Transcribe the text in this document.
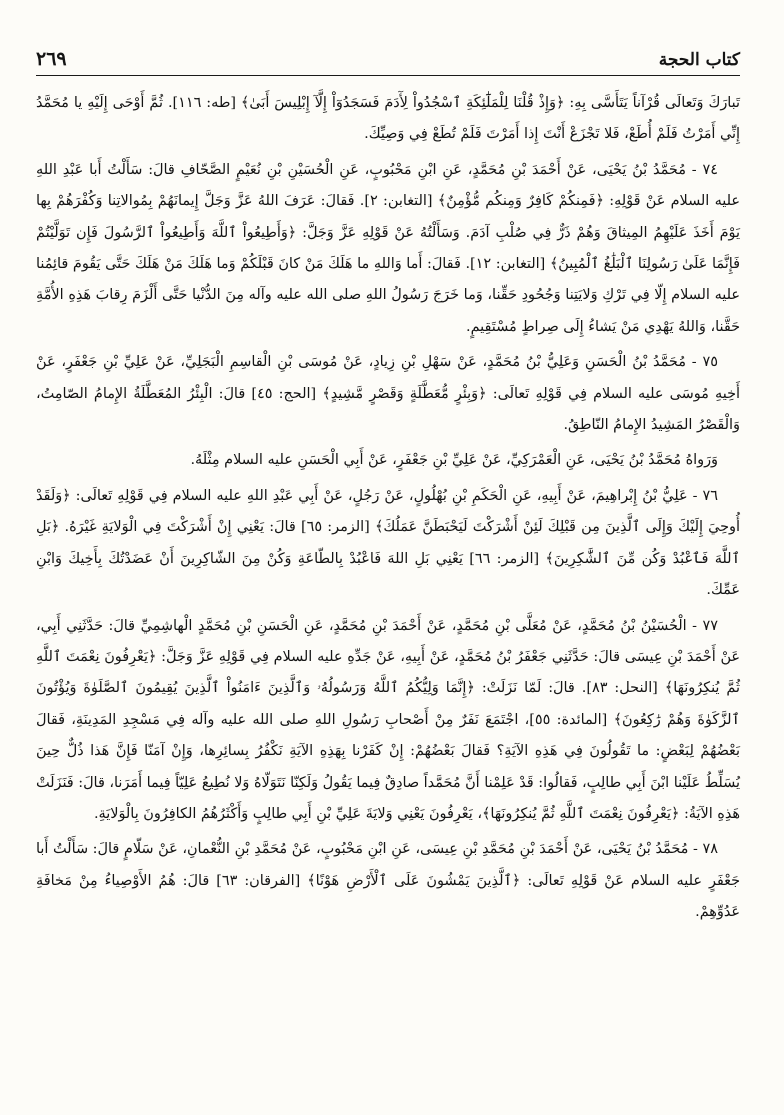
كتاب الحجة
٢٦٩

تَبارَكَ وَتَعالَى قُرْآناً يَتَأَسَّى بِهِ: ﴿وَإِذْ قُلْنَا لِلْمَلَٰٓئِكَةِ ٱسْجُدُواْ لِأٓدَمَ فَسَجَدُوٓاْ إِلَّآ إِبْلِيسَ أَبَىٰ﴾ [طه: ١١٦]. ثُمَّ أَوْحَى إِلَيْهِ يا مُحَمَّدُ إِنِّي أَمَرْتُ فَلَمْ أُطَعْ، فَلا تَجْزَعْ أَنْتَ إِذا أَمَرْتَ فَلَمْ تُطَعْ فِي وَصِيِّكَ.

٧٤ - مُحَمَّدُ بْنُ يَحْيَى، عَنْ أَحْمَدَ بْنِ مُحَمَّدٍ، عَنِ ابْنِ مَحْبُوبٍ، عَنِ الْحُسَيْنِ بْنِ نُعَيْمٍ الصَّحّافِ قالَ: سَأَلْتُ أَبا عَبْدِ اللهِ عليه السلام عَنْ قَوْلِهِ: ﴿فَمِنكُمْ كَافِرٌ وَمِنكُم مُّؤْمِنٌ﴾ [التغابن: ٢]. فَقالَ: عَرَفَ اللهُ عَزَّ وَجَلَّ إِيمانَهُمْ بِمُوالاتِنا وَكُفْرَهُمْ بِها يَوْمَ أَخَذَ عَلَيْهِمُ المِيثاقَ وَهُمْ ذَرٌّ فِي صُلْبِ آدَمَ. وَسَأَلْتُهُ عَنْ قَوْلِهِ عَزَّ وَجَلَّ: ﴿وَأَطِيعُواْ ٱللَّهَ وَأَطِيعُواْ ٱلرَّسُولَ فَإِن تَوَلَّيْتُمْ فَإِنَّمَا عَلَىٰ رَسُولِنَا ٱلْبَلَٰغُ ٱلْمُبِينُ﴾ [التغابن: ١٢]. فَقالَ: أَما وَاللهِ ما هَلَكَ مَنْ كانَ قَبْلَكُمْ وَما هَلَكَ مَنْ هَلَكَ حَتَّى يَقُومَ قائِمُنا عليه السلام إِلّا فِي تَرْكِ وَلايَتِنا وَجُحُودِ حَقِّنا، وَما خَرَجَ رَسُولُ اللهِ صلى الله عليه وآله مِنَ الدُّنْيا حَتَّى أَلْزَمَ رِقابَ هَذِهِ الأُمَّةِ حَقَّنا، وَاللهُ يَهْدِي مَنْ يَشاءُ إِلَى صِراطٍ مُسْتَقِيمٍ.

٧٥ - مُحَمَّدُ بْنُ الْحَسَنِ وَعَلِيُّ بْنُ مُحَمَّدٍ، عَنْ سَهْلِ بْنِ زِيادٍ، عَنْ مُوسَى بْنِ الْقاسِمِ الْبَجَلِيِّ، عَنْ عَلِيِّ بْنِ جَعْفَرٍ، عَنْ أَخِيهِ مُوسَى عليه السلام فِي قَوْلِهِ تَعالَى: ﴿وَبِئْرٍ مُّعَطَّلَةٍ وَقَصْرٍ مَّشِيدٍ﴾ [الحج: ٤٥] قالَ: الْبِئْرُ المُعَطَّلَةُ الإِمامُ الصّامِتُ، وَالْقَصْرُ المَشِيدُ الإِمامُ النّاطِقُ.

وَرَواهُ مُحَمَّدُ بْنُ يَحْيَى، عَنِ الْعَمْرَكِيِّ، عَنْ عَلِيِّ بْنِ جَعْفَرٍ، عَنْ أَبِي الْحَسَنِ عليه السلام مِثْلَهُ.

٧٦ - عَلِيُّ بْنُ إِبْراهِيمَ، عَنْ أَبِيهِ، عَنِ الْحَكَمِ بْنِ بُهْلُولٍ، عَنْ رَجُلٍ، عَنْ أَبِي عَبْدِ اللهِ عليه السلام فِي قَوْلِهِ تَعالَى: ﴿وَلَقَدْ أُوحِيَ إِلَيْكَ وَإِلَى ٱلَّذِينَ مِن قَبْلِكَ لَئِنْ أَشْرَكْتَ لَيَحْبَطَنَّ عَمَلُكَ﴾ [الزمر: ٦٥] قالَ: يَعْنِي إِنْ أَشْرَكْتَ فِي الْوَلايَةِ غَيْرَهُ. ﴿بَلِ ٱللَّهَ فَٱعْبُدْ وَكُن مِّنَ ٱلشَّٰكِرِينَ﴾ [الزمر: ٦٦] يَعْنِي بَلِ اللهَ فَاعْبُدْ بِالطّاعَةِ وَكُنْ مِنَ الشّاكِرِينَ أَنْ عَضَدْتُكَ بِأَخِيكَ وَابْنِ عَمِّكَ.

٧٧ - الْحُسَيْنُ بْنُ مُحَمَّدٍ، عَنْ مُعَلَّى بْنِ مُحَمَّدٍ، عَنْ أَحْمَدَ بْنِ مُحَمَّدٍ، عَنِ الْحَسَنِ بْنِ مُحَمَّدٍ الْهاشِمِيِّ قالَ: حَدَّثَنِي أَبِي، عَنْ أَحْمَدَ بْنِ عِيسَى قالَ: حَدَّثَنِي جَعْفَرُ بْنُ مُحَمَّدٍ، عَنْ أَبِيهِ، عَنْ جَدِّهِ عليه السلام فِي قَوْلِهِ عَزَّ وَجَلَّ: ﴿يَعْرِفُونَ نِعْمَتَ ٱللَّهِ ثُمَّ يُنكِرُونَهَا﴾ [النحل: ٨٣]. قالَ: لَمّا نَزَلَتْ: ﴿إِنَّمَا وَلِيُّكُمُ ٱللَّهُ وَرَسُولُهُۥ وَٱلَّذِينَ ءَامَنُواْ ٱلَّذِينَ يُقِيمُونَ ٱلصَّلَوٰةَ وَيُؤْتُونَ ٱلزَّكَوٰةَ وَهُمْ رَٰكِعُونَ﴾ [المائدة: ٥٥]، اجْتَمَعَ نَفَرٌ مِنْ أَصْحابِ رَسُولِ اللهِ صلى الله عليه وآله فِي مَسْجِدِ المَدِينَةِ، فَقالَ بَعْضُهُمْ لِبَعْضٍ: ما تَقُولُونَ فِي هَذِهِ الآيَةِ؟ فَقالَ بَعْضُهُمْ: إِنْ كَفَرْنا بِهَذِهِ الآيَةِ نَكْفُرُ بِسائِرِها، وَإِنْ آمَنّا فَإِنَّ هَذا ذُلٌّ حِينَ يُسَلِّطُ عَلَيْنا ابْنَ أَبِي طالِبٍ، فَقالُوا: قَدْ عَلِمْنا أَنَّ مُحَمَّداً صادِقٌ فِيما يَقُولُ وَلَكِنّا نَتَوَلّاهُ وَلا نُطِيعُ عَلِيّاً فِيما أَمَرَنا، قالَ: فَنَزَلَتْ هَذِهِ الآيَةُ: ﴿يَعْرِفُونَ نِعْمَتَ ٱللَّهِ ثُمَّ يُنكِرُونَهَا﴾، يَعْرِفُونَ يَعْنِي وَلايَةَ عَلِيِّ بْنِ أَبِي طالِبٍ وَأَكْثَرُهُمُ الكافِرُونَ بِالْوَلايَةِ.

٧٨ - مُحَمَّدُ بْنُ يَحْيَى، عَنْ أَحْمَدَ بْنِ مُحَمَّدِ بْنِ عِيسَى، عَنِ ابْنِ مَحْبُوبٍ، عَنْ مُحَمَّدِ بْنِ النُّعْمانِ، عَنْ سَلّامٍ قالَ: سَأَلْتُ أَبا جَعْفَرٍ عليه السلام عَنْ قَوْلِهِ تَعالَى: ﴿ٱلَّذِينَ يَمْشُونَ عَلَى ٱلْأَرْضِ هَوْنًا﴾ [الفرقان: ٦٣] قالَ: هُمُ الأَوْصِياءُ مِنْ مَخافَةِ عَدُوِّهِمْ.
